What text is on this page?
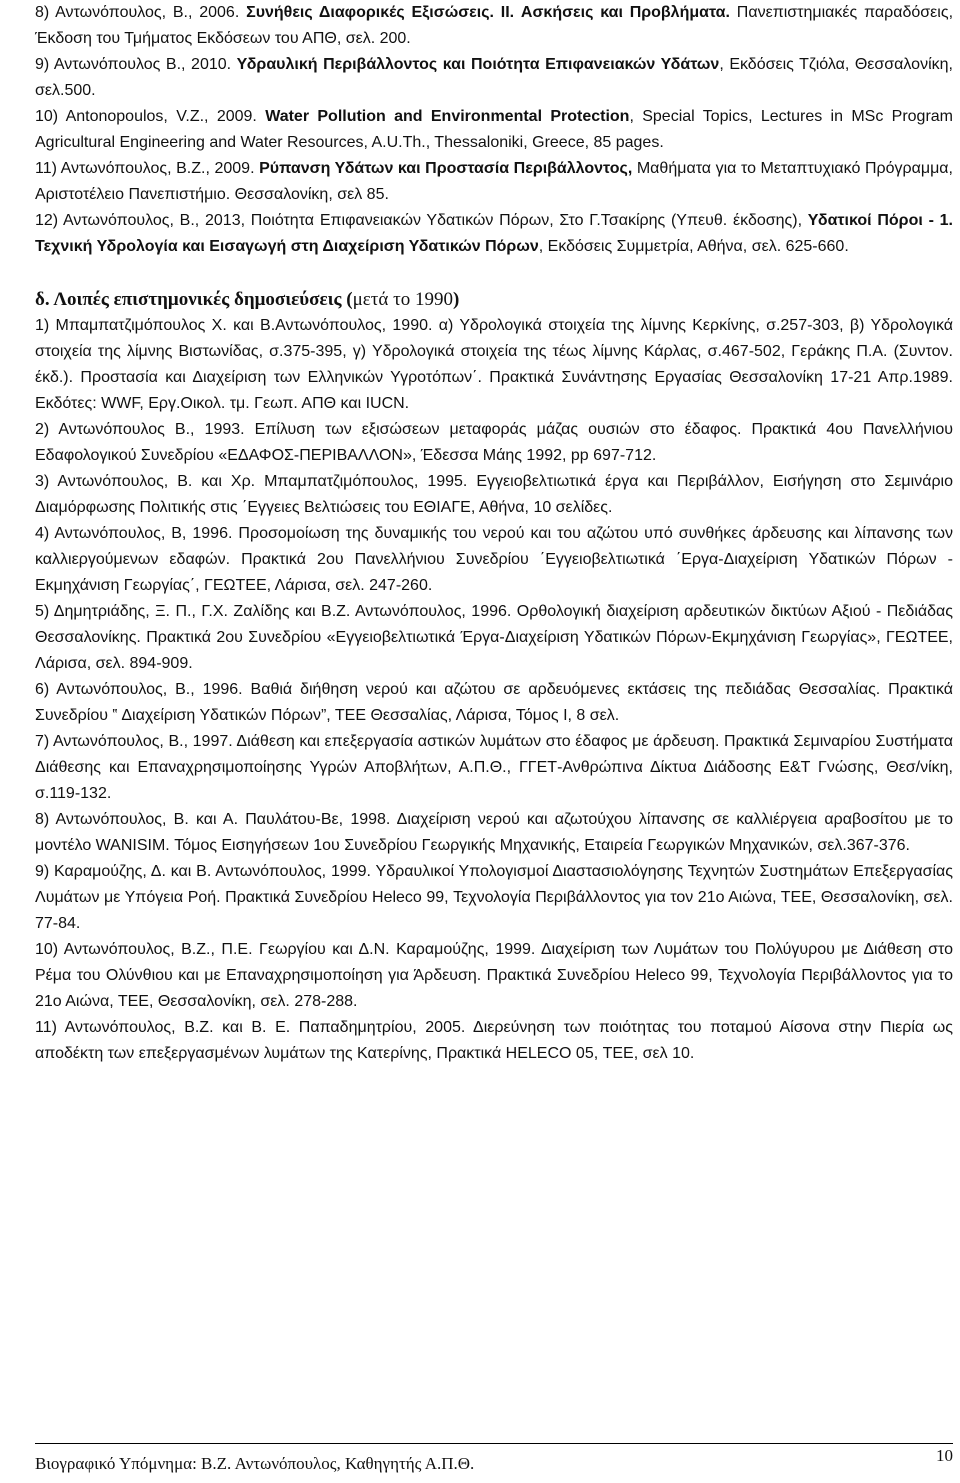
8) Αντωνόπουλος, Β., 2006. Συνήθεις Διαφορικές Εξισώσεις. II. Ασκήσεις και Προβλήματα. Πανεπιστημιακές παραδόσεις, Έκδοση του Τμήματος Εκδόσεων του ΑΠΘ, σελ. 200.

9) Αντωνόπουλος Β., 2010. Υδραυλική Περιβάλλοντος και Ποιότητα Επιφανειακών Υδάτων, Εκδόσεις Τζιόλα, Θεσσαλονίκη, σελ.500.

10) Antonopoulos, V.Z., 2009. Water Pollution and Environmental Protection, Special Topics, Lectures in MSc Program Agricultural Engineering and Water Resources, A.U.Th., Thessaloniki, Greece, 85 pages.

11) Αντωνόπουλος, Β.Ζ., 2009. Ρύπανση Υδάτων και Προστασία Περιβάλλοντος, Μαθήματα για το Μεταπτυχιακό Πρόγραμμα, Αριστοτέλειο Πανεπιστήμιο. Θεσσαλονίκη, σελ 85.

12) Αντωνόπουλος, Β., 2013, Ποιότητα Επιφανειακών Υδατικών Πόρων, Στο Γ.Τσακίρης (Υπευθ. έκδοσης), Υδατικοί Πόροι - 1. Τεχνική Υδρολογία και Εισαγωγή στη Διαχείριση Υδατικών Πόρων, Εκδόσεις Συμμετρία, Αθήνα, σελ. 625-660.

δ. Λοιπές επιστημονικές δημοσιεύσεις (μετά το 1990)

1) Μπαμπατζιμόπουλος Χ. και Β.Αντωνόπουλος, 1990. α) Υδρολογικά στοιχεία της λίμνης Κερκίνης, σ.257-303, β) Υδρολογικά στοιχεία της λίμνης Βιστωνίδας, σ.375-395, γ) Υδρολογικά στοιχεία της τέως λίμνης Κάρλας, σ.467-502, Γεράκης Π.Α. (Συντον. έκδ.). Προστασία και Διαχείριση των Ελληνικών Υγροτόπων΄. Πρακτικά Συνάντησης Εργασίας Θεσσαλονίκη 17-21 Απρ.1989. Εκδότες: WWF, Εργ.Οικολ. τμ. Γεωπ. ΑΠΘ και IUCN.

2) Αντωνόπουλος Β., 1993. Επίλυση των εξισώσεων μεταφοράς μάζας ουσιών στο έδαφος. Πρακτικά 4ου Πανελλήνιου Εδαφολογικού Συνεδρίου «ΕΔΑΦΟΣ-ΠΕΡΙΒΑΛΛΟΝ», Έδεσσα Μάης 1992, pp 697-712.

3) Αντωνόπουλος, Β. και Χρ. Μπαμπατζιμόπουλος, 1995. Εγγειοβελτιωτικά έργα και Περιβάλλον, Εισήγηση στο Σεμινάριο Διαμόρφωσης Πολιτικής στις ΄Εγγειες Βελτιώσεις του ΕΘΙΑΓΕ, Αθήνα, 10 σελίδες.

4) Αντωνόπουλος, Β, 1996. Προσομοίωση της δυναμικής του νερού και του αζώτου υπό συνθήκες άρδευσης και λίπανσης των καλλιεργούμενων εδαφών. Πρακτικά 2ου Πανελλήνιου Συνεδρίου ΄Εγγειοβελτιωτικά ΄Εργα-Διαχείριση Υδατικών Πόρων - Εκμηχάνιση Γεωργίας΄, ΓΕΩΤΕΕ, Λάρισα, σελ. 247-260.

5) Δημητριάδης, Ξ. Π., Γ.Χ. Ζαλίδης και Β.Ζ. Αντωνόπουλος, 1996. Ορθολογική διαχείριση αρδευτικών δικτύων Αξιού - Πεδιάδας Θεσσαλονίκης. Πρακτικά 2ου Συνεδρίου «Εγγειοβελτιωτικά Έργα-Διαχείριση Υδατικών Πόρων-Εκμηχάνιση Γεωργίας», ΓΕΩΤΕΕ, Λάρισα, σελ. 894-909.

6) Αντωνόπουλος, Β., 1996. Βαθιά διήθηση νερού και αζώτου σε αρδευόμενες εκτάσεις της πεδιάδας Θεσσαλίας. Πρακτικά Συνεδρίου ‟ Διαχείριση Υδατικών Πόρων”, ΤΕΕ Θεσσαλίας, Λάρισα, Τόμος Ι, 8 σελ.

7) Αντωνόπουλος, Β., 1997. Διάθεση και επεξεργασία αστικών λυμάτων στο έδαφος με άρδευση. Πρακτικά Σεμιναρίου Συστήματα Διάθεσης και Επαναχρησιμοποίησης Υγρών Αποβλήτων, Α.Π.Θ., ΓΓΕΤ-Ανθρώπινα Δίκτυα Διάδοσης Ε&Τ Γνώσης, Θεσ/νίκη, σ.119-132.

8) Αντωνόπουλος, Β. και Α. Παυλάτου-Βε, 1998. Διαχείριση νερού και αζωτούχου λίπανσης σε καλλιέργεια αραβοσίτου με το μοντέλο WANISIM. Τόμος Εισηγήσεων 1ου Συνεδρίου Γεωργικής Μηχανικής, Εταιρεία Γεωργικών Μηχανικών, σελ.367-376.

9) Καραμούζης, Δ. και Β. Αντωνόπουλος, 1999. Υδραυλικοί Υπολογισμοί Διαστασιολόγησης Τεχνητών Συστημάτων Επεξεργασίας Λυμάτων με Υπόγεια Ροή. Πρακτικά Συνεδρίου Heleco 99, Τεχνολογία Περιβάλλοντος για τον 21ο Αιώνα, ΤΕΕ, Θεσσαλονίκη, σελ. 77-84.

10) Αντωνόπουλος, Β.Ζ., Π.Ε. Γεωργίου και Δ.Ν. Καραμούζης, 1999. Διαχείριση των Λυμάτων του Πολύγυρου με Διάθεση στο Ρέμα του Ολύνθιου και με Επαναχρησιμοποίηση για Άρδευση. Πρακτικά Συνεδρίου Heleco 99, Τεχνολογία Περιβάλλοντος για το 21ο Αιώνα, ΤΕΕ, Θεσσαλονίκη, σελ. 278-288.

11) Αντωνόπουλος, Β.Ζ. και Β. Ε. Παπαδημητρίου, 2005. Διερεύνηση των ποιότητας του ποταμού Αίσονα στην Πιερία ως αποδέκτη των επεξεργασμένων λυμάτων της Κατερίνης, Πρακτικά HELECO 05, ΤΕΕ, σελ 10.

Βιογραφικό Υπόμνημα: Β.Ζ. Αντωνόπουλος, Καθηγητής Α.Π.Θ.	10
